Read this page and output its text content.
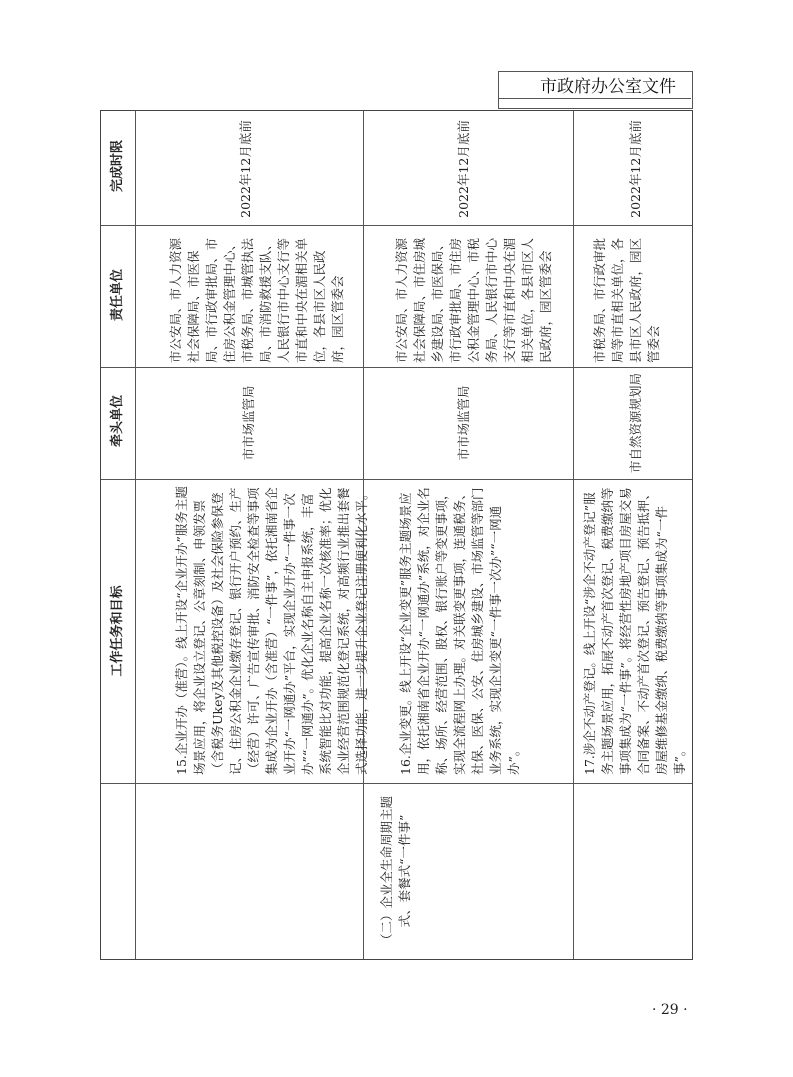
市政府办公室文件
完成时限
责任单位
牵头单位
工作任务和目标
（二）企业全生命周期主题式、套餐式“一件事”
15.企业开办（准营）。线上开设“企业开办”服务主题场景应用，将企业设立登记、公章刻制、申领发票（含税务Ukey及其他税控设备）及社会保险参保登记、住房公积金企业缴存登记、银行开户预约、生产（经营）许可、广告宣传审批、消防安全检查等事项集成为企业开办（含准营）“一件事”，依托湘南省企业开办“一网通办”平台，实现企业开办“一件事一次办”“一网通办”。优化企业名称自主申报系统，丰富系统智能比对功能，提高企业名称一次核准率；优化企业经营范围规范化登记系统，对高频行业推出套餐式选择功能，进一步提升企业登记注册便利化水平。
市市场监管局
市公安局、市人力资源社会保障局、市医保局、市行政审批局、市住房公积金管理中心、市税务局、市城管执法局、市消防救援支队、人民银行市中心支行等市直和中央在湄相关单位，各县市区人民政府，园区管委会
2022年12月底前
16.企业变更。线上开设“企业变更”服务主题场景应用，依托湘南省企业开办“一网通办”系统，对企业名称、场所、经营范围、股权、银行账户等变更事项，实现全流程网上办理。对关联变更事项，连通税务、社保、医保、公安、住房城乡建设、市场监管等部门业务系统，实现企业变更“一件事一次办”“一网通办”。
市市场监管局
市公安局、市人力资源社会保障局、市住房城乡建设局、市医保局、市行政审批局、市住房公积金管理中心、市税务局、人民银行市中心支行等市直和中央在湄相关单位，各县市区人民政府，园区管委会
2022年12月底前
17.涉企不动产登记。线上开设“涉企不动产登记”服务主题场景应用，拓展不动产首次登记、税费缴纳等事项集成为“一件事”。将经营性房地产项目房屋交易合同备案、不动产首次登记、预告登记、预告抵押、房屋维修基金缴纳、税费缴纳等事项集成为“一件事”。
市自然资源规划局
市税务局、市行政审批局等市直相关单位，各县市区人民政府，园区管委会
2022年12月底前
· 29 ·
